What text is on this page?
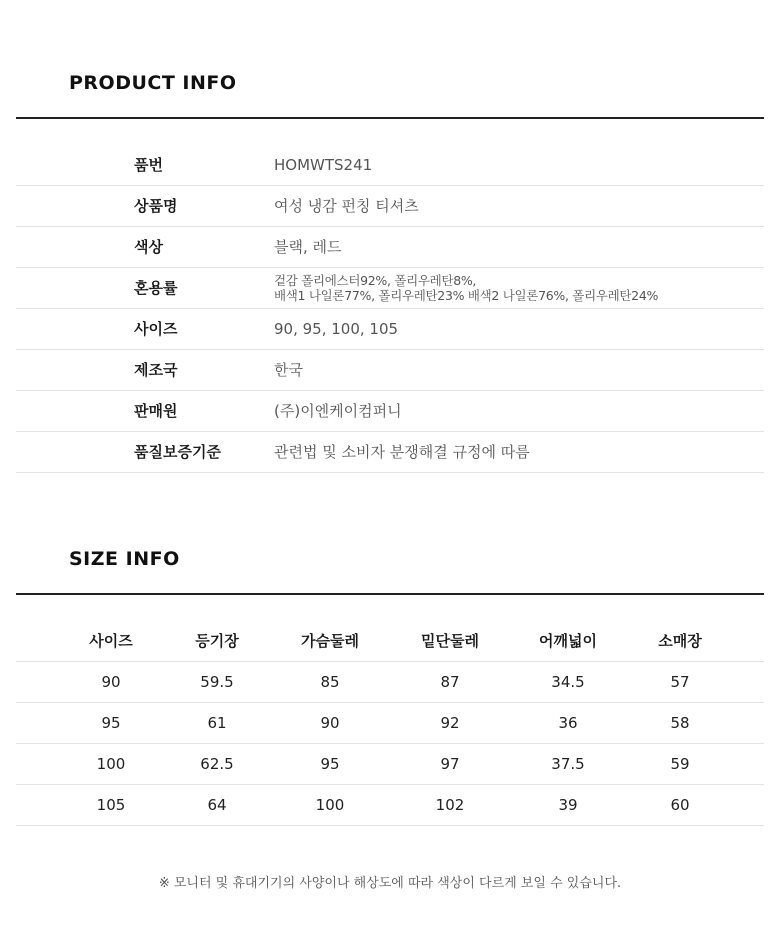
PRODUCT INFO
품번	HOMWTS241
상품명	여성 냉감 펀칭 티셔츠
색상	블랙, 레드
혼용률	겉감 폴리에스터92%, 폴리우레탄8%,
배색1 나일론77%, 폴리우레탄23% 배색2 나일론76%, 폴리우레탄24%
사이즈	90, 95, 100, 105
제조국	한국
판매원	(주)이엔케이컴퍼니
품질보증기준	관련법 및 소비자 분쟁해결 규정에 따름
SIZE INFO
사이즈	등기장	가슴둘레	밑단둘레	어깨넓이	소매장
90	59.5	85	87	34.5	57
95	61	90	92	36	58
100	62.5	95	97	37.5	59
105	64	100	102	39	60
※ 모니터 및 휴대기기의 사양이나 해상도에 따라 색상이 다르게 보일 수 있습니다.
